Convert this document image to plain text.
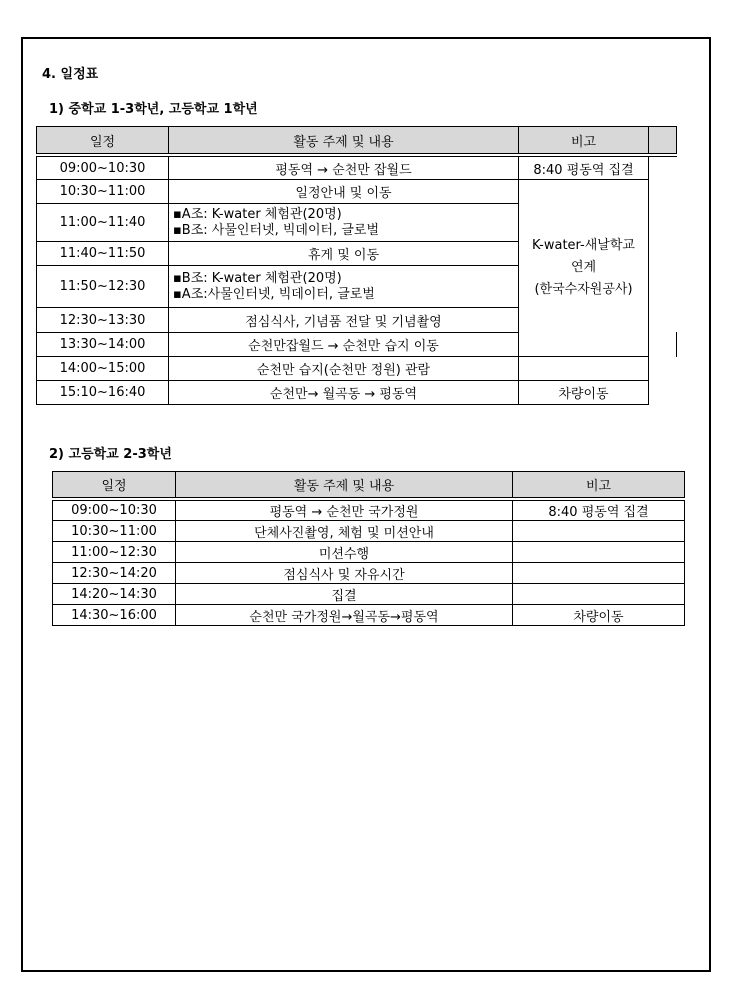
4. 일정표

1) 중학교 1-3학년, 고등학교 1학년

일정	활동 주제 및 내용	비고		

09:00~10:30	평동역 → 순천만 잡월드	8:40 평동역 집결		
10:30~11:00	일정안내 및 이동	K-water-새날학교
연계
(한국수자원공사)		

11:00~11:40	▪A조: K-water 체험관(20명)
▪B조: 사물인터넷, 빅데이터, 글로벌			

11:40~11:50	휴게 및 이동			
11:50~12:30	▪B조: K-water 체험관(20명)
▪A조:사물인터넷, 빅데이터, 글로벌			

12:30~13:30	점심식사, 기념품 전달 및 기념촬영			
13:30~14:00	순천만잡월드 → 순천만 습지 이동	
14:00~15:00	순천만 습지(순천만 정원) 관람			
15:10~16:40	순천만→ 월곡동 → 평동역	차량이동		

2) 고등학교 2-3학년

일정	활동 주제 및 내용	비고

09:00~10:30	평동역 → 순천만 국가정원	8:40 평동역 집결
10:30~11:00	단체사진촬영, 체험 및 미션안내	
11:00~12:30	미션수행	
12:30~14:20	점심식사 및 자유시간	
14:20~14:30	집결	
14:30~16:00	순천만 국가정원→월곡동→평동역	차량이동
